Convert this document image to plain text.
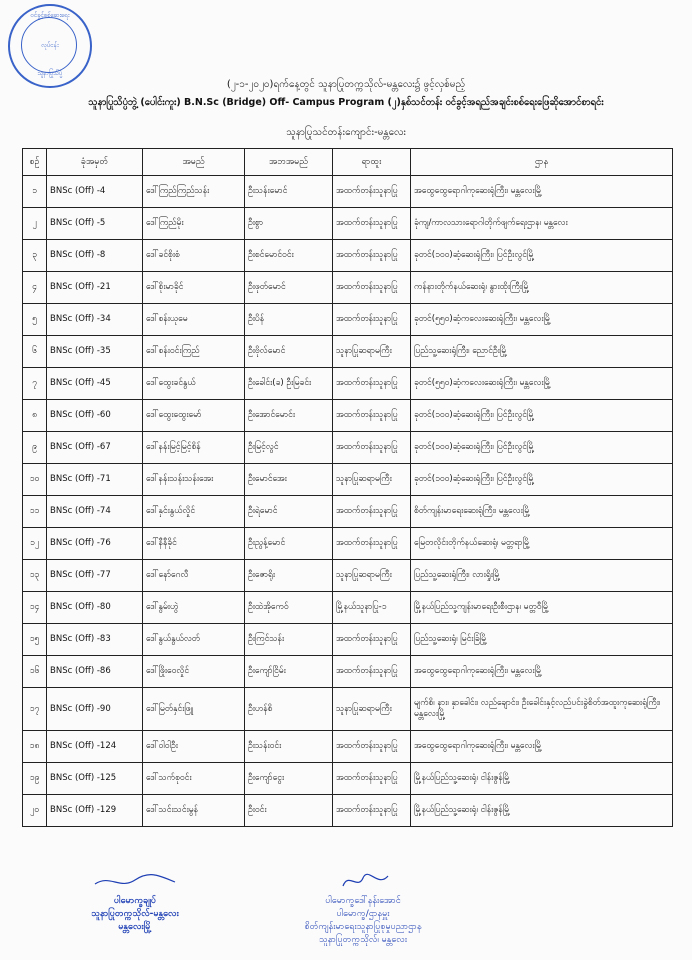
ဝင်ခွင့်စစ်ဆေးရေး
လုပ်ငန်း
သူနာပြုသိပ္ပံ
(၂-၁-၂၀၂၀)ရက်နေ့တွင် သူနာပြုတက္ကသိုလ်-မန္တလေး၌ ဖွင့်လှစ်မည့်
သူနာပြုသိပ္ပံဘွဲ့ (ပေါင်းကူး) B.N.Sc (Bridge) Off- Campus Program (၂)နှစ်သင်တန်း ဝင်ခွင့်အရည်အချင်းစစ်ရေးဖြေဆိုအောင်စာရင်း
သူနာပြုသင်တန်းကျောင်း-မန္တလေး
စဉ်	ခုံအမှတ်	အမည်	အဘအမည်	ရာထူး	ဌာန
၁	BNSc (Off) -4	ဒေါ်ကြည်ကြည်သန်း	ဦးသန်းမောင်	အထက်တန်းသူနာပြု	အထွေထွေရောဂါကုဆေးရုံကြီး၊ မန္တလေးမြို့
၂	BNSc (Off) -5	ဒေါ်ကြည်မိုး	ဦးစွာ	အထက်တန်းသူနာပြု	ခုံကျ/ကာလသားရောဂါတိုက်ဖျက်ရေးဌာန၊ မန္တလေး
၃	BNSc (Off) -8	ဒေါ်ခင်စိုးစံ	ဦးစင်မောင်ဝင်း	အထက်တန်းသူနာပြု	ခုတင်(၁၀၀)ဆံ့ဆေးရုံကြီး၊ ပြင်ဦးလွင်မြို့
၄	BNSc (Off) -21	ဒေါ်စိုးမာခိုင်	ဦးဖုတ်မောင်	အထက်တန်းသူနာပြု	ကန်နားတိုက်နယ်ဆေးရုံ၊ နွားထိုးကြီးမြို့
၅	BNSc (Off) -34	ဒေါ်စန်းယုမေ	ဦးပိန်	အထက်တန်းသူနာပြု	ခုတင်(၅၅၀)ဆံ့ကလေးဆေးရုံကြီး၊ မန္တလေးမြို့
၆	BNSc (Off) -35	ဒေါ်စန်းဝင်းကြည်	ဦးဗိုလ်မောင်	သူနာပြုဆရာမကြီး	ပြည်သူ့ဆေးရုံကြီး၊ ညောင်ဦးမြို့
၇	BNSc (Off) -45	ဒေါ်ထွေးခင်နွယ်	ဦးခေါင်း(ခ) ဦးမြခင်း	အထက်တန်းသူနာပြု	ခုတင်(၅၅၀)ဆံ့ကလေးဆေးရုံကြီး၊ မန္တလေးမြို့
၈	BNSc (Off) -60	ဒေါ်ထွေးထွေးမော်	ဦးအောင်မောင်း	အထက်တန်းသူနာပြု	ခုတင်(၁၀၀)ဆံ့ဆေးရုံကြီး၊ ပြင်ဦးလွင်မြို့
၉	BNSc (Off) -67	ဒေါ်နန်းမြင့်မြင့်စိန်	ဦးမြင့်လွင်	အထက်တန်းသူနာပြု	ခုတင်(၁၀၀)ဆံ့ဆေးရုံကြီး၊ ပြင်ဦးလွင်မြို့
၁၀	BNSc (Off) -71	ဒေါ်နန်းသန်းသန်းအေး	ဦးမောင်အေး	သူနာပြုဆရာမကြီး	ခုတင်(၁၀၀)ဆံ့ဆေးရုံကြီး၊ ပြင်ဦးလွင်မြို့
၁၁	BNSc (Off) -74	ဒေါ်နှင်းနွယ်လှိုင်	ဦးရဲမောင်	အထက်တန်းသူနာပြု	စိတ်ကျန်းမာရေးဆေးရုံကြီး၊ မန္တလေးမြို့
၁၂	BNSc (Off) -76	ဒေါ်နီနီခိုင်	ဦးညွန့်မောင်	အထက်တန်းသူနာပြု	မြေတလိုင်းတိုက်နယ်ဆေးရုံ၊ မတ္တရာမြို့
၁၃	BNSc (Off) -77	ဒေါ်နော်ဂေလီ	ဦးဇောရိုး	သူနာပြုဆရာမကြီး	ပြည်သူ့ဆေးရုံကြီး၊ လားရှိုးမြို့
၁၄	BNSc (Off) -80	ဒေါ်နွမ်းဟွဲ	ဦးထဲအိုကေဝ်	မြို့နယ်သူနာပြု-၁	မြို့နယ်ပြည်သူ့ကျန်းမာရေးဦးစီးဌာန၊ မတ္တဝီမြို့
၁၅	BNSc (Off) -83	ဒေါ်နွယ်နွယ်လတ်	ဦးကြင်သန်း	အထက်တန်းသူနာပြု	ပြည်သူ့ဆေးရုံ၊ မြင်းခြံမြို့
၁၆	BNSc (Off) -86	ဒေါ်ဖြိုးဝေလှိုင်	ဦးကျော်ငြိမ်း	အထက်တန်းသူနာပြု	အထွေထွေရောဂါကုဆေးရုံကြီး၊ မန္တလေးမြို့
၁၇	BNSc (Off) -90	ဒေါ်မြတ်နှင်းဖြူ	ဦးဟန်စိ	သူနာပြုဆရာမကြီး	မျက်စိ၊ နား၊ နှာခေါင်း၊ လည်ချောင်း၊ ဦးခေါင်းနှင့်လည်ပင်းခွဲစိတ်အထူးကုဆေးရုံကြီး၊ မန္တလေးမြို့
၁၈	BNSc (Off) -124	ဒေါ်ဝါဝါဦး	ဦးသန်းဝင်း	အထက်တန်းသူနာပြု	အထွေထွေရောဂါကုဆေးရုံကြီး၊ မန္တလေးမြို့
၁၉	BNSc (Off) -125	ဒေါ်သက်စုဝင်း	ဦးကျော်ငွေး	အထက်တန်းသူနာပြု	မြို့နယ်ပြည်သူ့ဆေးရုံ၊ ငါန်းဇွန်မြို့
၂၀	BNSc (Off) -129	ဒေါ်သင်းသင်းမွန်	ဦးဝင်း	အထက်တန်းသူနာပြု	မြို့နယ်ပြည်သူ့ဆေးရုံ၊ ငါန်းဇွန်မြို့
ပါမောက္ခချုပ်
သူနာပြုတက္ကသိုလ်-မန္တလေး
မန္တလေးမြို့
ပါမောက္ခဒေါ်နန်းအောင်
ပါမောက္ခ/ဌာနမှူး
စိတ်ကျန်းမာရေးသူနာပြုစုမှုပညာဌာန
သူနာပြုတက္ကသိုလ်၊ မန္တလေး
